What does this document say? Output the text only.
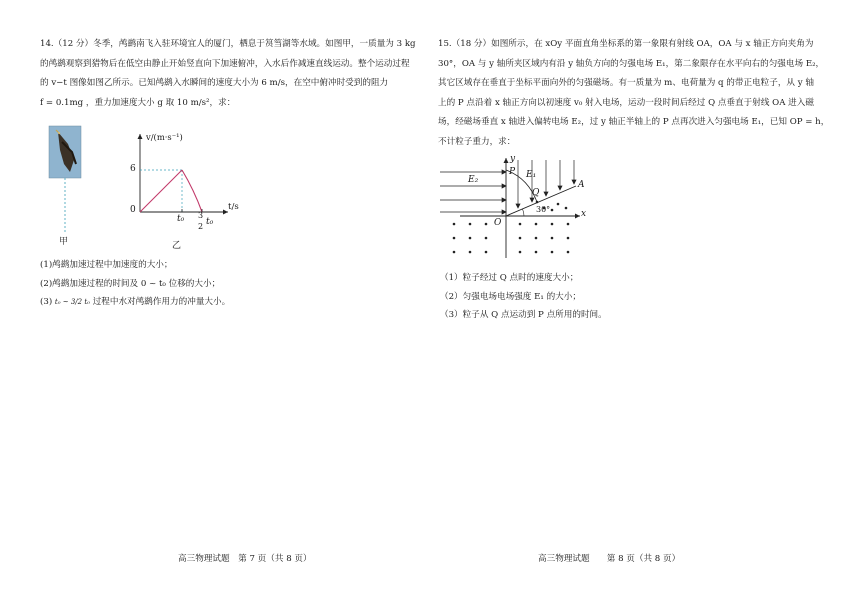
14.（12 分）冬季，鸬鹚南飞入驻环境宜人的厦门，栖息于筼筜湖等水域。如图甲，一质量为 3 kg

的鸬鹚观察到猎物后在低空由静止开始竖直向下加速俯冲，入水后作减速直线运动。整个运动过程

的 v−t 图像如图乙所示。已知鸬鹚入水瞬间的速度大小为 6 m/s，在空中俯冲时受到的阻力

f = 0.1mg ，重力加速度大小 g 取 10 m/s²，求：

甲
v/(m·s⁻¹)
t/s
0
6
t₀ 3
2 t₀
乙

(1)鸬鹚加速过程中加速度的大小；

(2)鸬鹚加速过程的时间及 0 ~ t₀ 位移的大小；

(3) t₀ ~ 3/2 t₀ 过程中水对鸬鹚作用力的冲量大小。

15.（18 分）如图所示，在 xOy 平面直角坐标系的第一象限有射线 OA，OA 与 x 轴正方向夹角为

30°，OA 与 y 轴所夹区域内有沿 y 轴负方向的匀强电场 E₁，第二象限存在水平向右的匀强电场 E₂，

其它区域存在垂直于坐标平面向外的匀强磁场。有一质量为 m、电荷量为 q 的带正电粒子，从 y 轴

上的 P 点沿着 x 轴正方向以初速度 v₀ 射入电场，运动一段时间后经过 Q 点垂直于射线 OA 进入磁

场，经磁场垂直 x 轴进入偏转电场 E₂，过 y 轴正半轴上的 P 点再次进入匀强电场 E₁，已知 OP = h，

不计粒子重力，求：

y
x
O
P
Q
A
E₁
E₂
30°

（1）粒子经过 Q 点时的速度大小；

（2）匀强电场电场强度 E₁ 的大小；

（3）粒子从 Q 点运动到 P 点所用的时间。

高三物理试题　第 7 页（共 8 页）	高三物理试题　　第 8 页（共 8 页）
